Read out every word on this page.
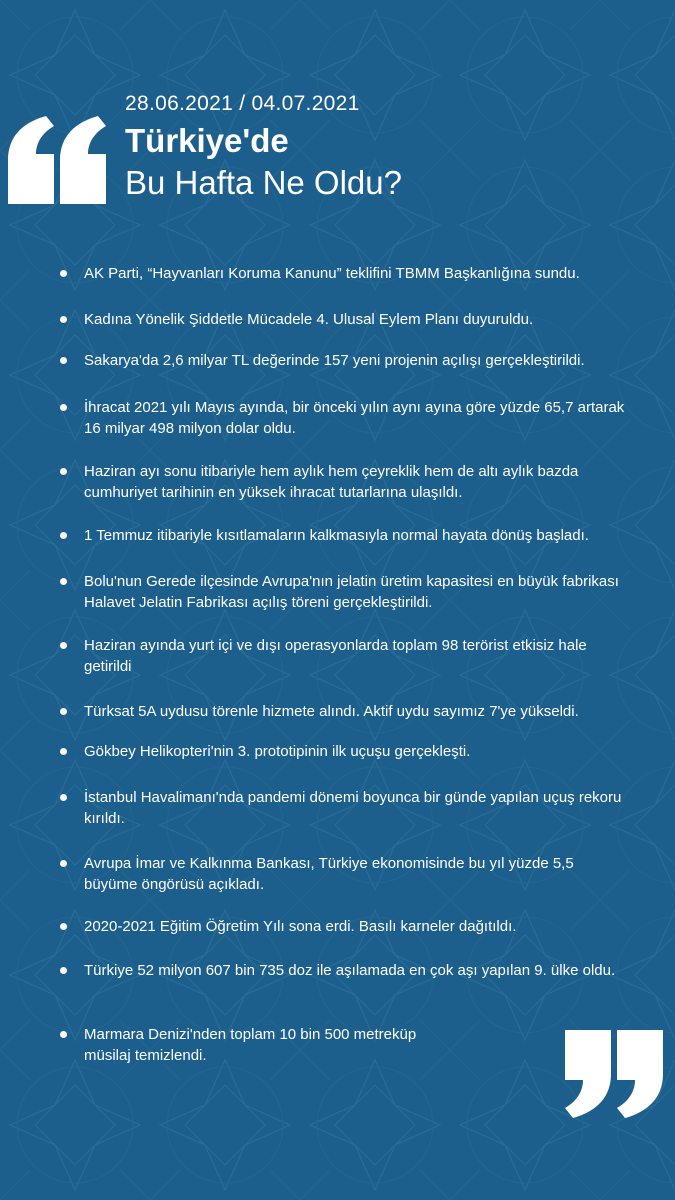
28.06.2021 / 04.07.2021
Türkiye'de
Bu Hafta Ne Oldu?
AK Parti, “Hayvanları Koruma Kanunu” teklifini TBMM Başkanlığına sundu.
Kadına Yönelik Şiddetle Mücadele 4. Ulusal Eylem Planı duyuruldu.
Sakarya'da 2,6 milyar TL değerinde 157 yeni projenin açılışı gerçekleştirildi.
İhracat 2021 yılı Mayıs ayında, bir önceki yılın aynı ayına göre yüzde 65,7 artarak 16 milyar 498 milyon dolar oldu.
Haziran ayı sonu itibariyle hem aylık hem çeyreklik hem de altı aylık bazda cumhuriyet tarihinin en yüksek ihracat tutarlarına ulaşıldı.
1 Temmuz itibariyle kısıtlamaların kalkmasıyla normal hayata dönüş başladı.
Bolu'nun Gerede ilçesinde Avrupa'nın jelatin üretim kapasitesi en büyük fabrikası Halavet Jelatin Fabrikası açılış töreni gerçekleştirildi.
Haziran ayında yurt içi ve dışı operasyonlarda toplam 98 terörist etkisiz hale getirildi
Türksat 5A uydusu törenle hizmete alındı. Aktif uydu sayımız 7'ye yükseldi.
Gökbey Helikopteri'nin 3. prototipinin ilk uçuşu gerçekleşti.
İstanbul Havalimanı'nda pandemi dönemi boyunca bir günde yapılan uçuş rekoru kırıldı.
Avrupa İmar ve Kalkınma Bankası, Türkiye ekonomisinde bu yıl yüzde 5,5 büyüme öngörüsü açıkladı.
2020-2021 Eğitim Öğretim Yılı sona erdi. Basılı karneler dağıtıldı.
Türkiye 52 milyon 607 bin 735 doz ile aşılamada en çok aşı yapılan 9. ülke oldu.
Marmara Denizi'nden toplam 10 bin 500 metreküp müsilaj temizlendi.
